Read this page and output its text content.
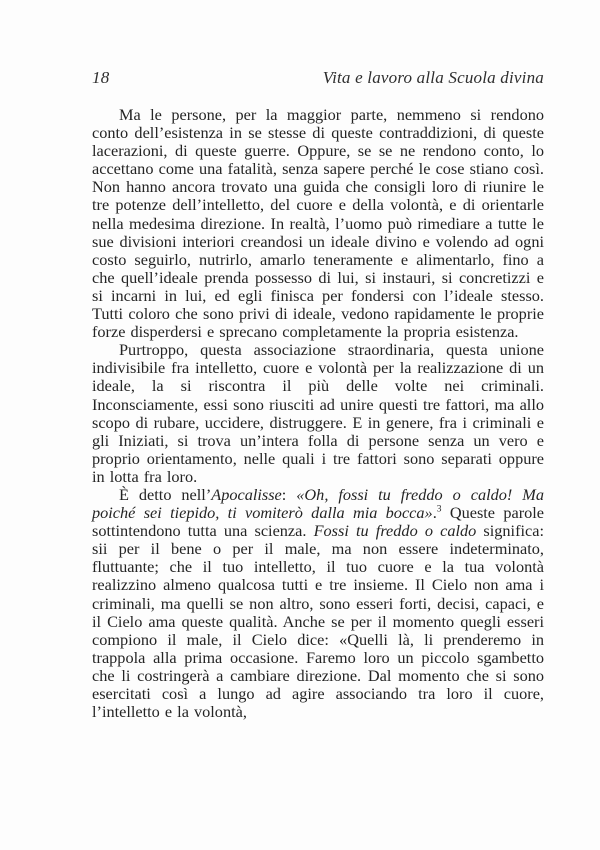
18	Vita e lavoro alla Scuola divina

Ma le persone, per la maggior parte, nemmeno si rendono conto dell’esistenza in se stesse di queste contraddizioni, di queste lacerazioni, di queste guerre. Oppure, se se ne rendono conto, lo accettano come una fatalità, senza sapere perché le cose stiano così. Non hanno ancora trovato una guida che consigli loro di riunire le tre potenze dell’intelletto, del cuore e della volontà, e di orientarle nella medesima direzione. In realtà, l’uomo può rimediare a tutte le sue divisioni interiori creandosi un ideale divino e volendo ad ogni costo seguirlo, nutrirlo, amarlo teneramente e alimentarlo, fino a che quell’ideale prenda possesso di lui, si instauri, si concretizzi e si incarni in lui, ed egli finisca per fondersi con l’ideale stesso. Tutti coloro che sono privi di ideale, vedono rapidamente le proprie forze disperdersi e sprecano completamente la propria esistenza.

Purtroppo, questa associazione straordinaria, questa unione indivisibile fra intelletto, cuore e volontà per la realizzazione di un ideale, la si riscontra il più delle volte nei criminali. Inconsciamente, essi sono riusciti ad unire questi tre fattori, ma allo scopo di rubare, uccidere, distruggere. E in genere, fra i criminali e gli Iniziati, si trova un’intera folla di persone senza un vero e proprio orientamento, nelle quali i tre fattori sono separati oppure in lotta fra loro.

È detto nell’Apocalisse: «Oh, fossi tu freddo o caldo! Ma poiché sei tiepido, ti vomiterò dalla mia bocca».$^3$ Queste parole sottintendono tutta una scienza. Fossi tu freddo o caldo significa: sii per il bene o per il male, ma non essere indeterminato, fluttuante; che il tuo intelletto, il tuo cuore e la tua volontà realizzino almeno qualcosa tutti e tre insieme. Il Cielo non ama i criminali, ma quelli se non altro, sono esseri forti, decisi, capaci, e il Cielo ama queste qualità. Anche se per il momento quegli esseri compiono il male, il Cielo dice: «Quelli là, li prenderemo in trappola alla prima occasione. Faremo loro un piccolo sgambetto che li costringerà a cambiare direzione. Dal momento che si sono esercitati così a lungo ad agire associando tra loro il cuore, l’intelletto e la volontà,
